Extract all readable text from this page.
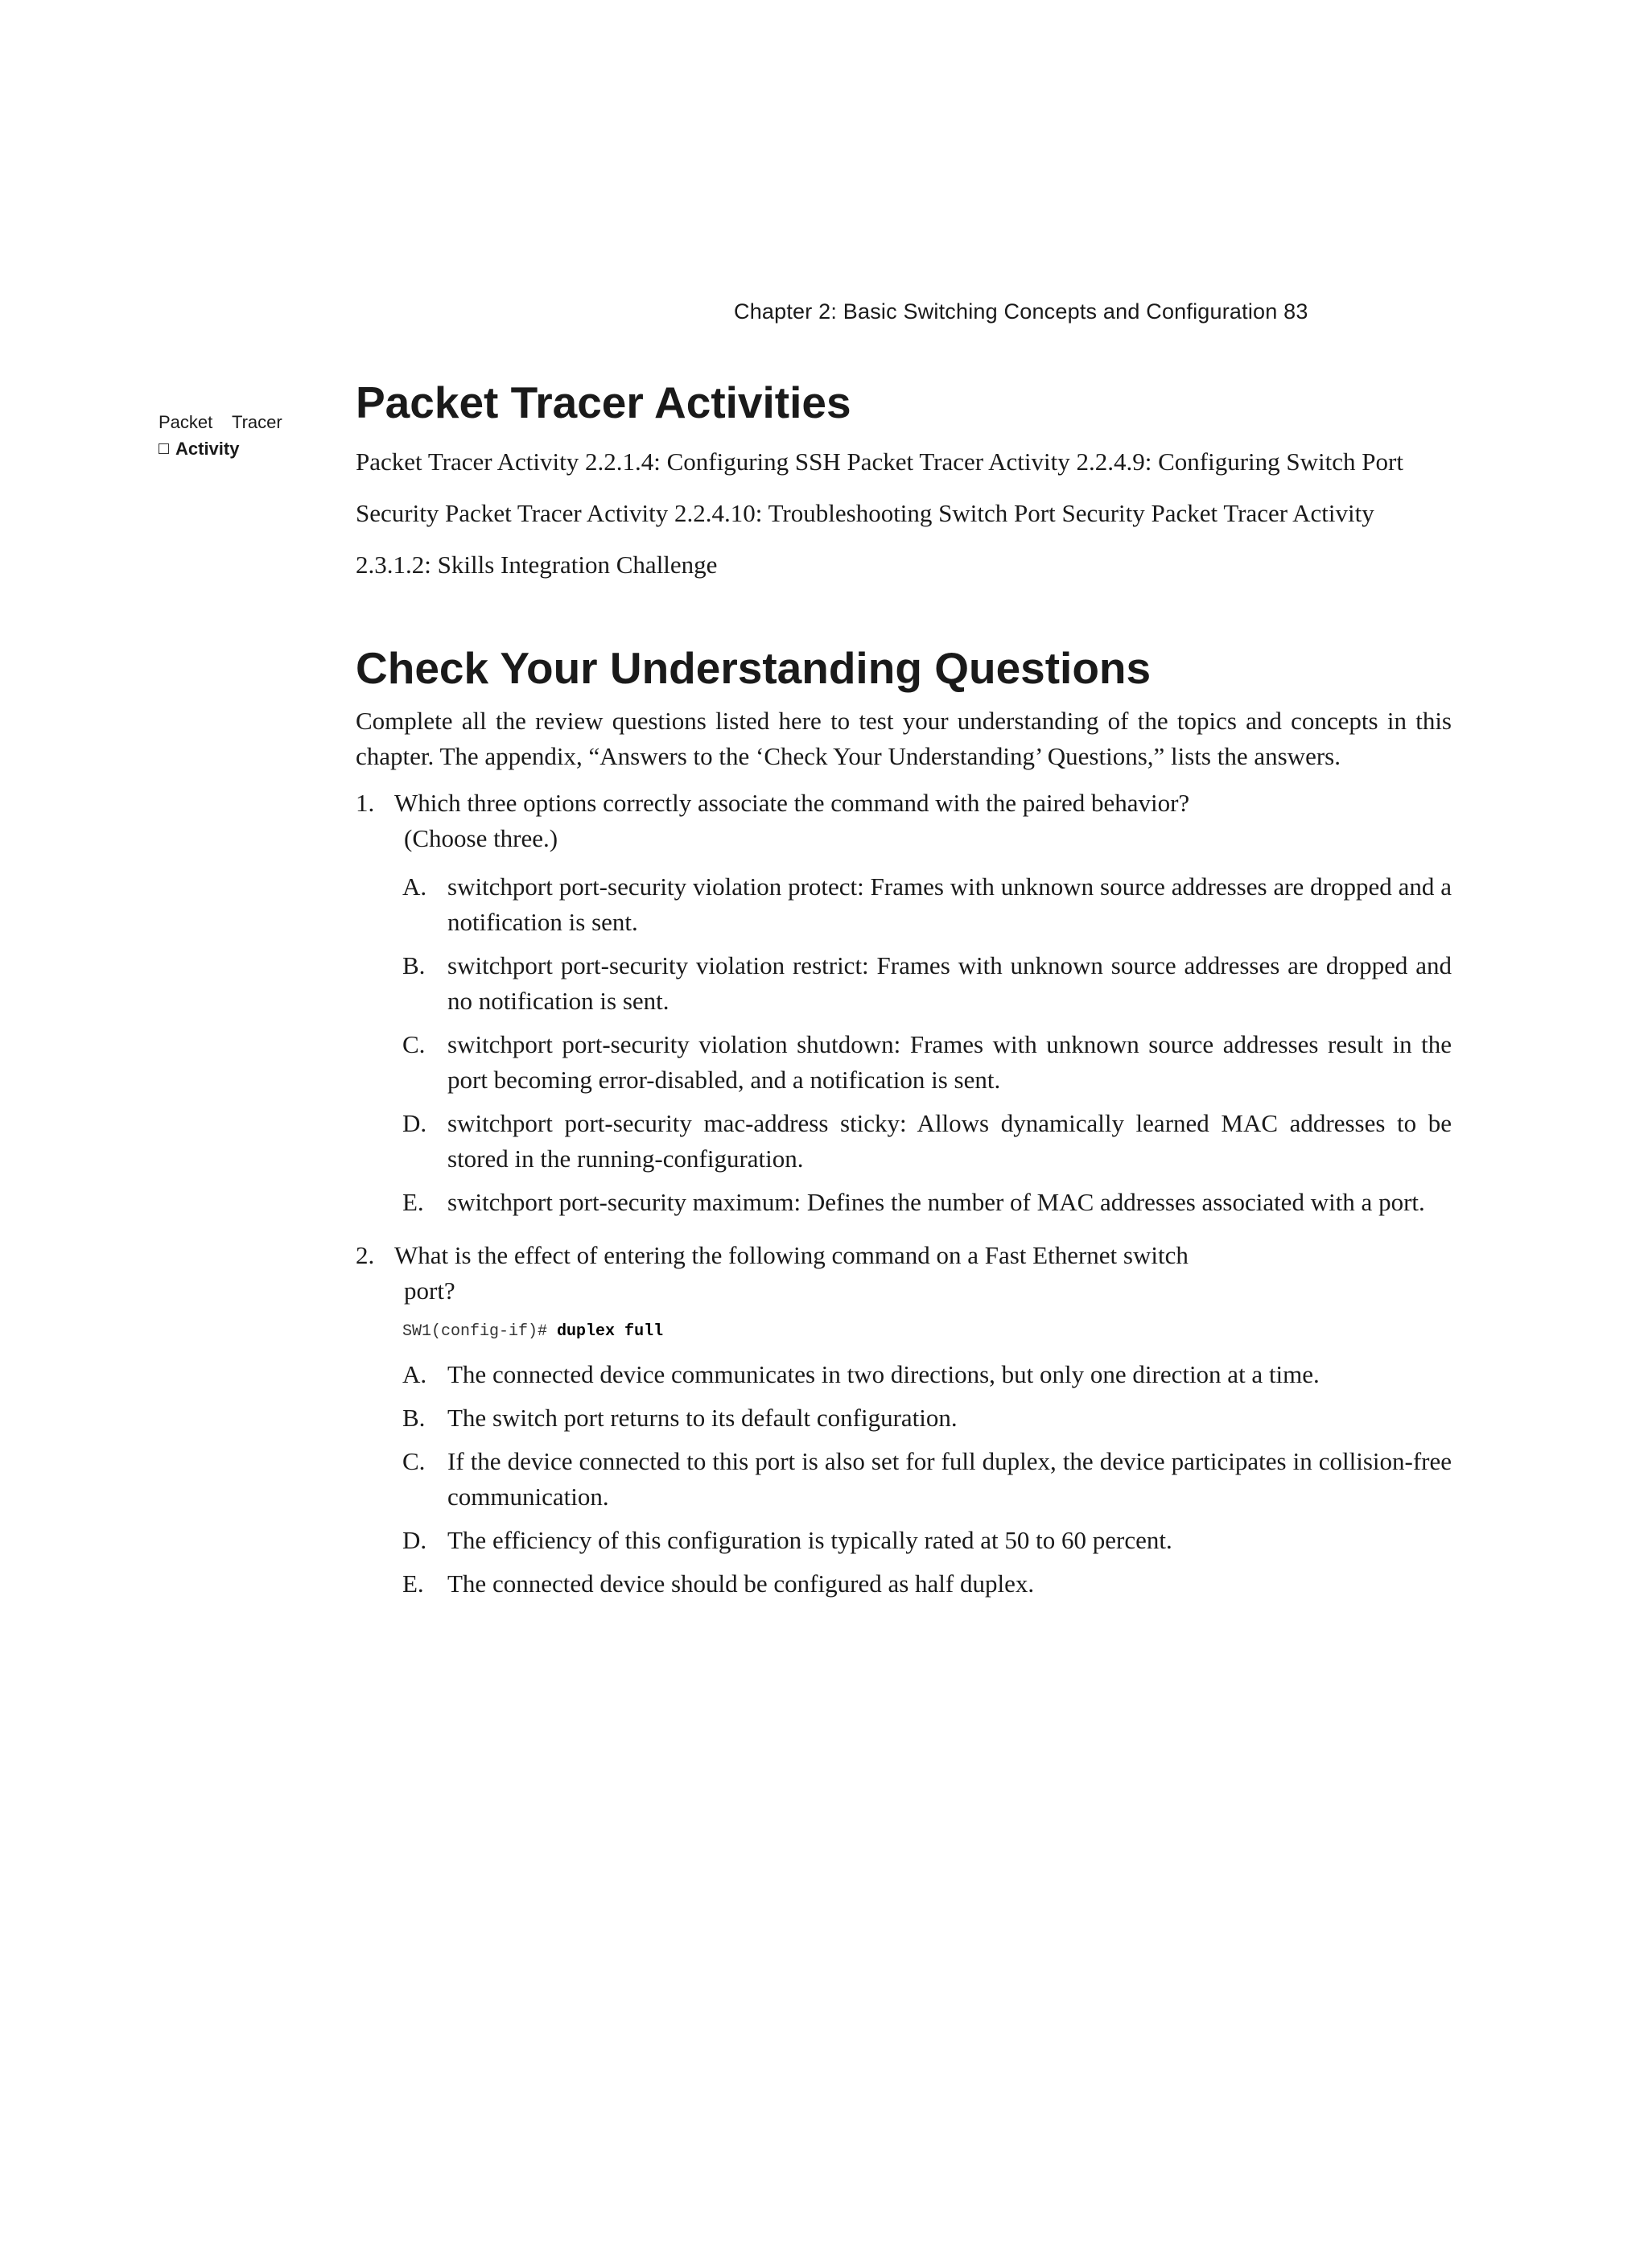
Chapter 2: Basic Switching Concepts and Configuration 83
Packet Tracer
Activity
Packet Tracer Activities
Packet Tracer Activity 2.2.1.4: Configuring SSH Packet Tracer Activity 2.2.4.9: Configuring Switch Port Security Packet Tracer Activity 2.2.4.10: Troubleshooting Switch Port Security Packet Tracer Activity 2.3.1.2: Skills Integration Challenge
Check Your Understanding Questions
Complete all the review questions listed here to test your understanding of the topics and concepts in this chapter. The appendix, “Answers to the ‘Check Your Understanding’ Questions,” lists the answers.
1. Which three options correctly associate the command with the paired behavior?
(Choose three.)
A. switchport port-security violation protect: Frames with unknown source addresses are dropped and a notification is sent.
B. switchport port-security violation restrict: Frames with unknown source addresses are dropped and no notification is sent.
C. switchport port-security violation shutdown: Frames with unknown source addresses result in the port becoming error-disabled, and a notification is sent.
D. switchport port-security mac-address sticky: Allows dynamically learned MAC addresses to be stored in the running-configuration.
E. switchport port-security maximum: Defines the number of MAC addresses associated with a port.
2. What is the effect of entering the following command on a Fast Ethernet switch
port?
SW1(config-if)# duplex full
A. The connected device communicates in two directions, but only one direction at a time.
B. The switch port returns to its default configuration.
C. If the device connected to this port is also set for full duplex, the device participates in collision-free communication.
D. The efficiency of this configuration is typically rated at 50 to 60 percent.
E. The connected device should be configured as half duplex.
